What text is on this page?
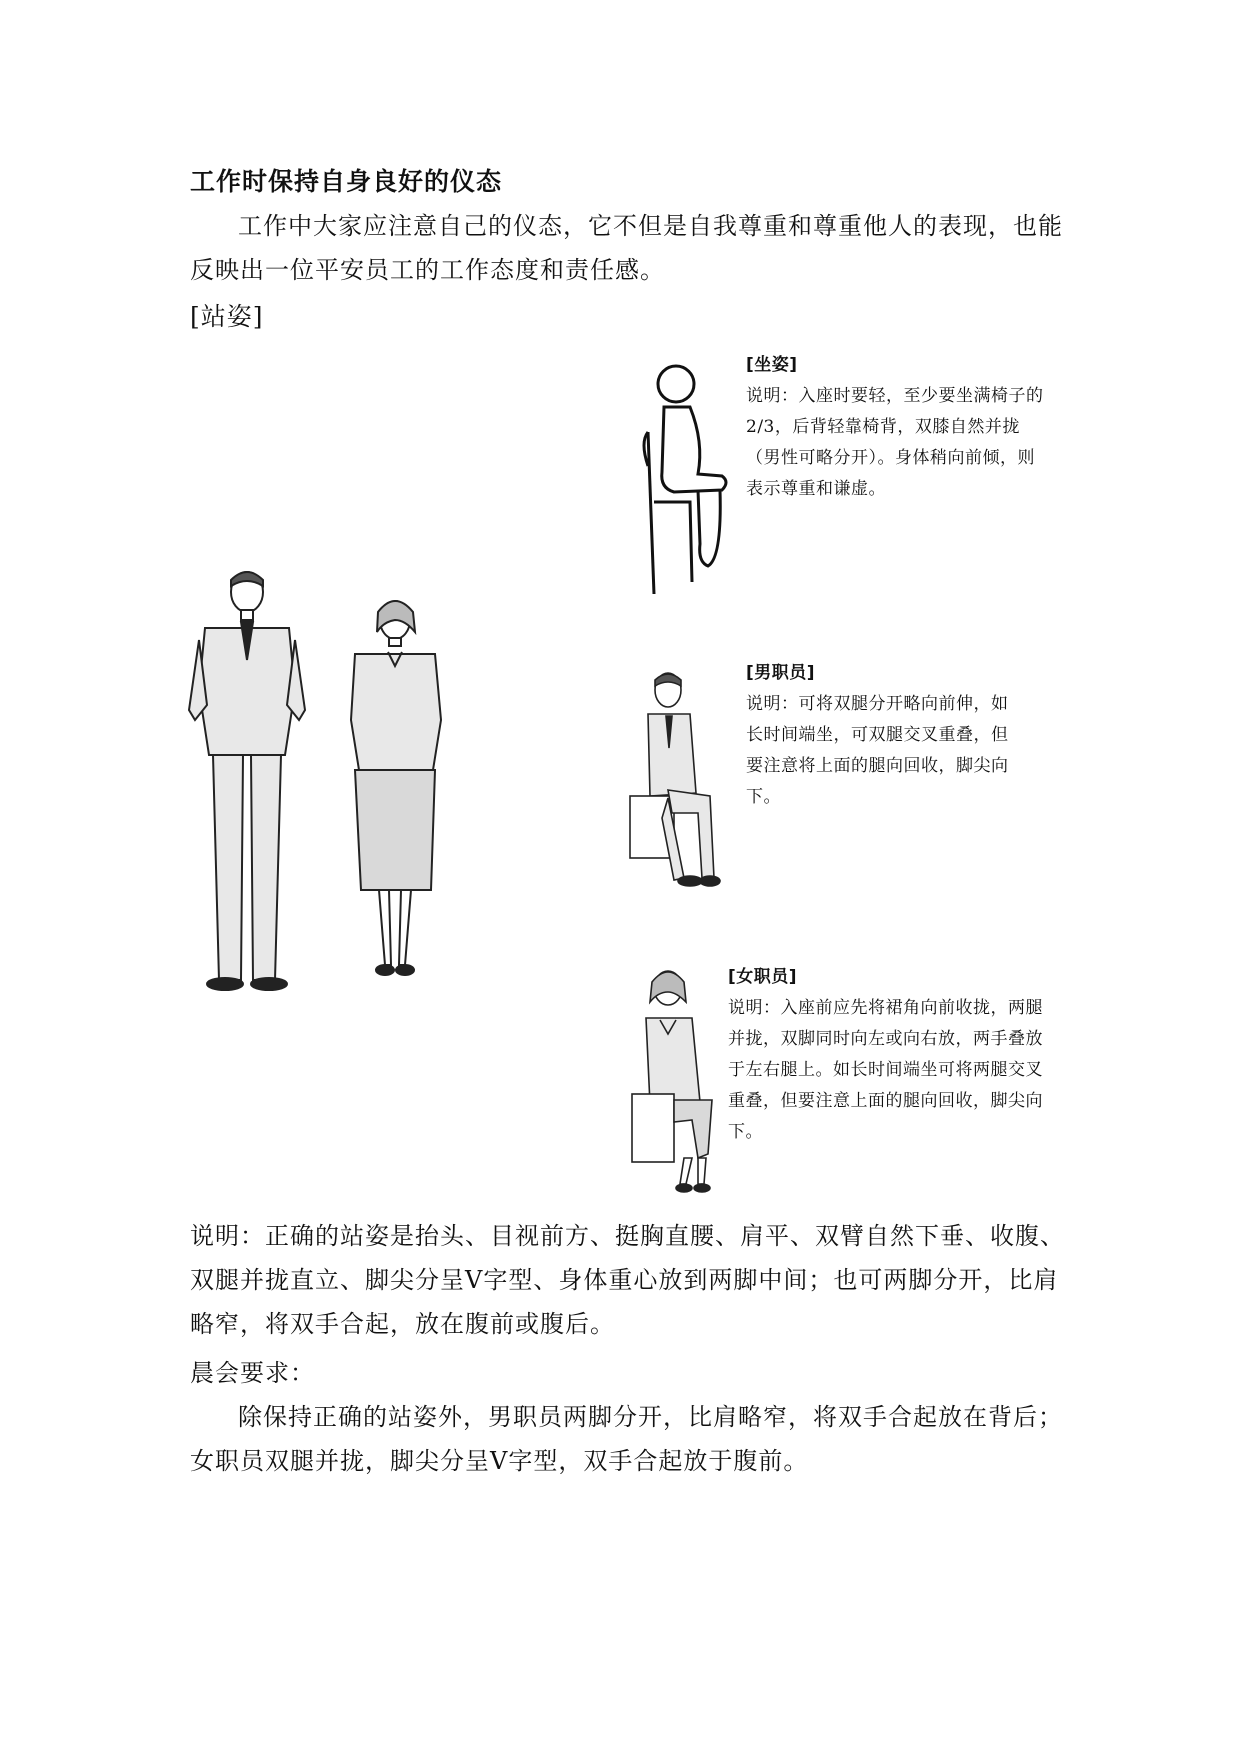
工作时保持自身良好的仪态
工作中大家应注意自己的仪态，它不但是自我尊重和尊重他人的表现，也能反映出一位平安员工的工作态度和责任感。
[站姿]
[坐姿]
说明：入座时要轻，至少要坐满椅子的2/3，后背轻靠椅背，双膝自然并拢（男性可略分开）。身体稍向前倾，则表示尊重和谦虚。
[男职员]
说明：可将双腿分开略向前伸，如长时间端坐，可双腿交叉重叠，但要注意将上面的腿向回收，脚尖向下。
[女职员]
说明：入座前应先将裙角向前收拢，两腿并拢，双脚同时向左或向右放，两手叠放于左右腿上。如长时间端坐可将两腿交叉重叠，但要注意上面的腿向回收，脚尖向下。
说明：正确的站姿是抬头、目视前方、挺胸直腰、肩平、双臂自然下垂、收腹、双腿并拢直立、脚尖分呈V字型、身体重心放到两脚中间；也可两脚分开，比肩略窄，将双手合起，放在腹前或腹后。
晨会要求：
除保持正确的站姿外，男职员两脚分开，比肩略窄，将双手合起放在背后；女职员双腿并拢，脚尖分呈V字型，双手合起放于腹前。
